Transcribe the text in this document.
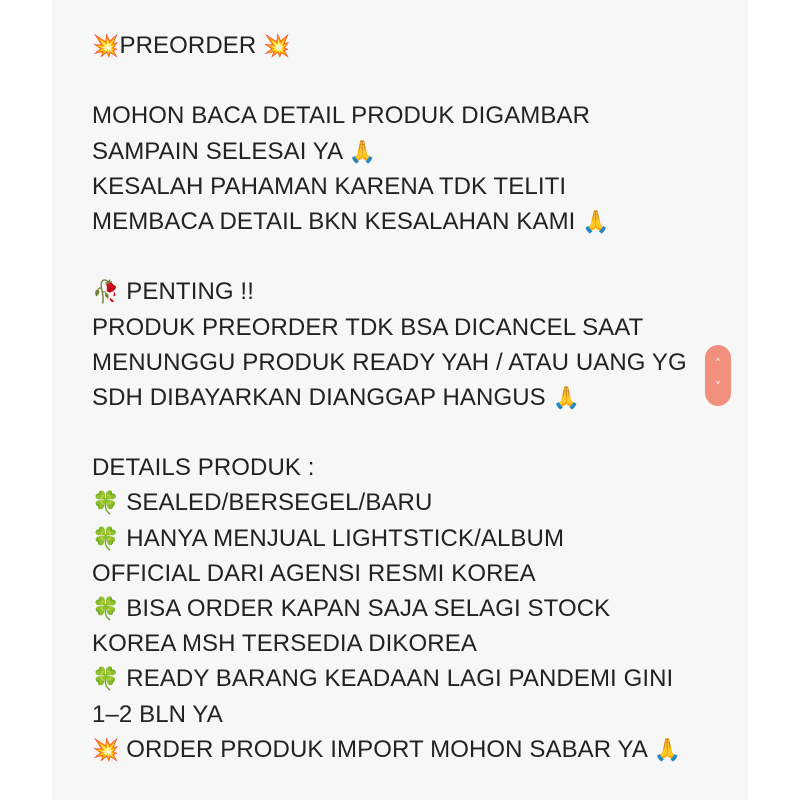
💥PREORDER 💥
MOHON BACA DETAIL PRODUK DIGAMBAR
SAMPAIN SELESAI YA 🙏
KESALAH PAHAMAN KARENA TDK TELITI
MEMBACA DETAIL BKN KESALAHAN KAMI 🙏
🥀 PENTING !!
PRODUK PREORDER TDK BSA DICANCEL SAAT
MENUNGGU PRODUK READY YAH / ATAU UANG YG
SDH DIBAYARKAN DIANGGAP HANGUS 🙏
DETAILS PRODUK :
🍀 SEALED/BERSEGEL/BARU
🍀 HANYA MENJUAL LIGHTSTICK/ALBUM
OFFICIAL DARI AGENSI RESMI KOREA
🍀 BISA ORDER KAPAN SAJA SELAGI STOCK
KOREA MSH TERSEDIA DIKOREA
🍀 READY BARANG KEADAAN LAGI PANDEMI GINI
1–2 BLN YA
💥 ORDER PRODUK IMPORT MOHON SABAR YA 🙏
˄
˅
